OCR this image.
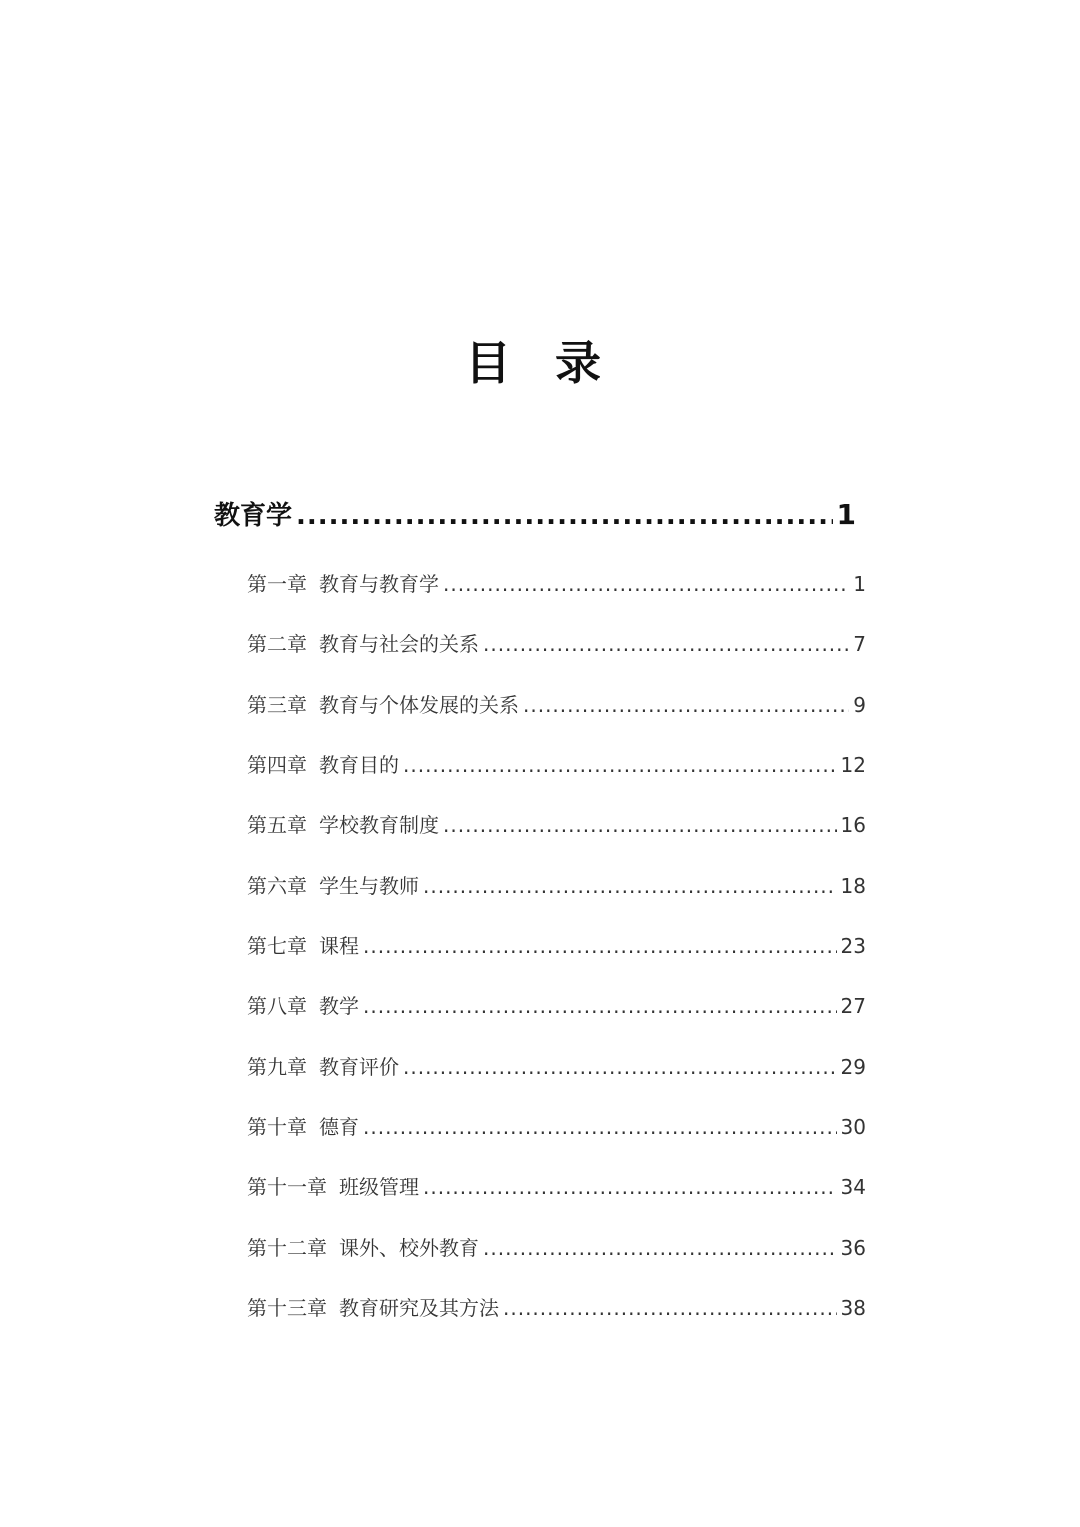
目 录
教育学 .....	1
第一章 教育与教育学 .....	1
第二章 教育与社会的关系 .....	7
第三章 教育与个体发展的关系 .....	9
第四章 教育目的 .....	12
第五章 学校教育制度 .....	16
第六章 学生与教师 .....	18
第七章 课程 .....	23
第八章 教学 .....	27
第九章 教育评价 .....	29
第十章 德育 .....	30
第十一章 班级管理 .....	34
第十二章 课外、校外教育 .....	36
第十三章 教育研究及其方法 .....	38
